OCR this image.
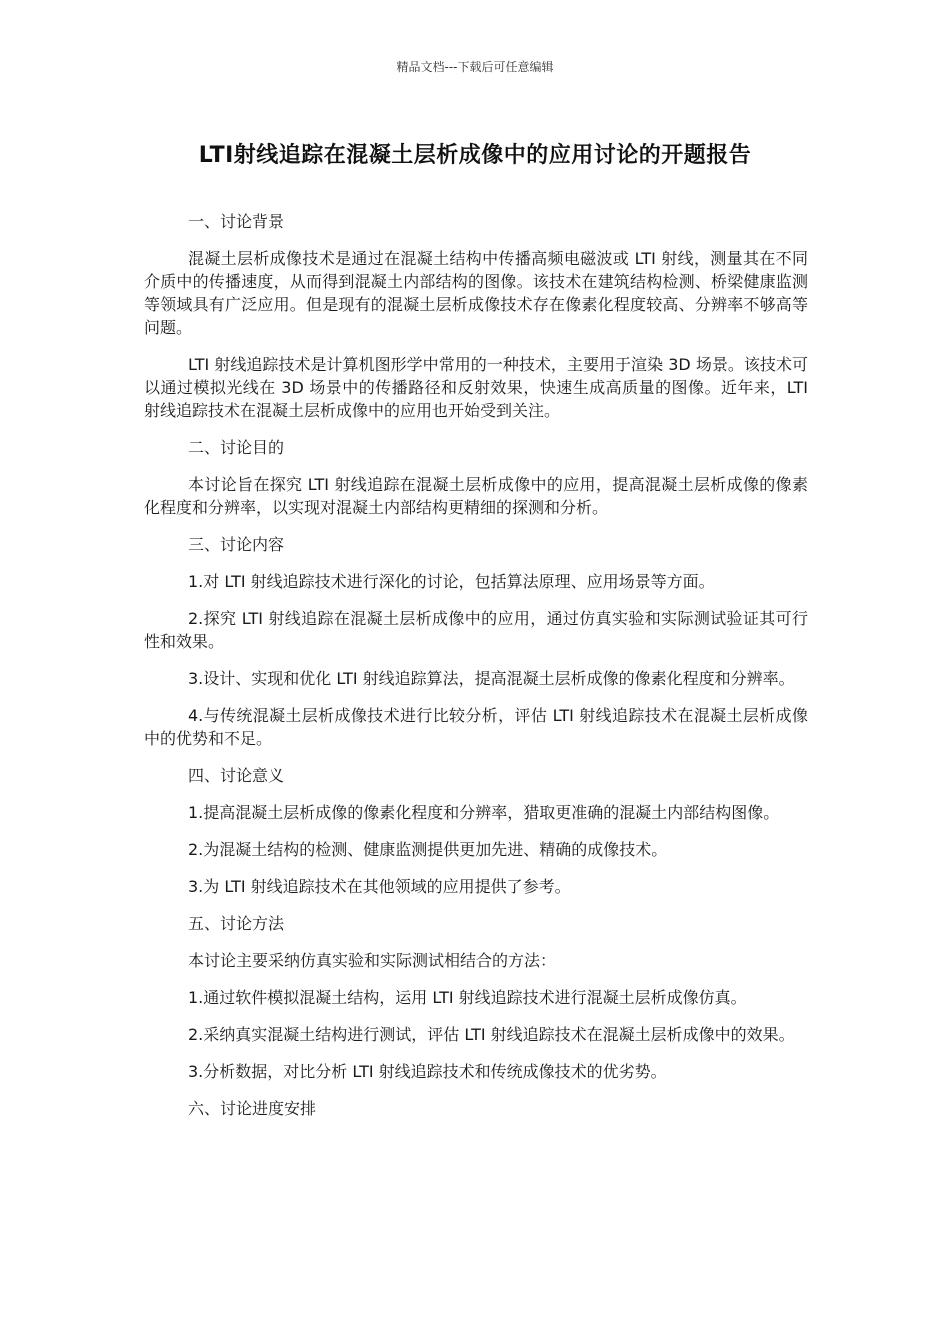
精品文档---下载后可任意编辑
LTI射线追踪在混凝土层析成像中的应用讨论的开题报告
一、讨论背景
混凝土层析成像技术是通过在混凝土结构中传播高频电磁波或 LTI 射线，测量其在不同介质中的传播速度，从而得到混凝土内部结构的图像。该技术在建筑结构检测、桥梁健康监测等领域具有广泛应用。但是现有的混凝土层析成像技术存在像素化程度较高、分辨率不够高等问题。
LTI 射线追踪技术是计算机图形学中常用的一种技术，主要用于渲染 3D 场景。该技术可以通过模拟光线在 3D 场景中的传播路径和反射效果，快速生成高质量的图像。近年来，LTI 射线追踪技术在混凝土层析成像中的应用也开始受到关注。
二、讨论目的
本讨论旨在探究 LTI 射线追踪在混凝土层析成像中的应用，提高混凝土层析成像的像素化程度和分辨率，以实现对混凝土内部结构更精细的探测和分析。
三、讨论内容
1.对 LTI 射线追踪技术进行深化的讨论，包括算法原理、应用场景等方面。
2.探究 LTI 射线追踪在混凝土层析成像中的应用，通过仿真实验和实际测试验证其可行性和效果。
3.设计、实现和优化 LTI 射线追踪算法，提高混凝土层析成像的像素化程度和分辨率。
4.与传统混凝土层析成像技术进行比较分析，评估 LTI 射线追踪技术在混凝土层析成像中的优势和不足。
四、讨论意义
1.提高混凝土层析成像的像素化程度和分辨率，猎取更准确的混凝土内部结构图像。
2.为混凝土结构的检测、健康监测提供更加先进、精确的成像技术。
3.为 LTI 射线追踪技术在其他领域的应用提供了参考。
五、讨论方法
本讨论主要采纳仿真实验和实际测试相结合的方法：
1.通过软件模拟混凝土结构，运用 LTI 射线追踪技术进行混凝土层析成像仿真。
2.采纳真实混凝土结构进行测试，评估 LTI 射线追踪技术在混凝土层析成像中的效果。
3.分析数据，对比分析 LTI 射线追踪技术和传统成像技术的优劣势。
六、讨论进度安排
